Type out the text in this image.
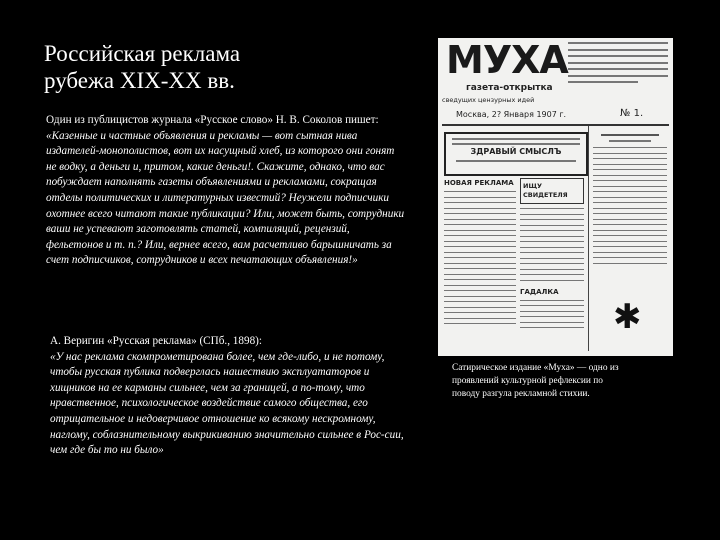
Российская реклама
рубежа XIX-XX вв.
Один из публицистов журнала «Русское слово» Н. В. Соколов пишет: «Казенные и частные объявления и рекламы — вот сытная нива издателей-монополистов, вот их насущный хлеб, из которого они гонят не водку, а деньги и, притом, какие деньги!. Скажите, однако, что вас побуждает наполнять газеты объявлениями и рекламами, сокращая отделы политических и литературных известий? Неужели подписчики охотнее всего читают такие публикации? Или, может быть, сотрудники ваши не успевают заготовлять статей, компиляций, рецензий, фельетонов и т. п.? Или, вернее всего, вам расчетливо барышничать за счет подписчиков, сотрудников и всех печатающих объявления!»
А. Веригин «Русская реклама» (СПб., 1898):
«У нас реклама скомпрометирована более, чем где-либо, и не потому, чтобы русская публика подверглась нашествию эксплуататоров и хищников на ее карманы сильнее, чем за границей, а по-тому, что нравственное, психологическое воздействие самого общества, его отрицательное и недоверчивое отношение ко всякому нескромному, наглому, соблазнительному выкрикиванию значительно сильнее в Рос-сии, чем где бы то ни было»
МУХА
газета-открытка
сведущих цензурных идей
Москва, 2? Января 1907 г.	№ 1.
ЗДРАВЫЙ СМЫСЛЪ
НОВАЯ РЕКЛАМА	ИЩУ СВИДЕТЕЛЯ
ГАДАЛКА
✱
Сатирическое издание «Муха» — одно из проявлений культурной рефлексии по поводу разгула рекламной стихии.
